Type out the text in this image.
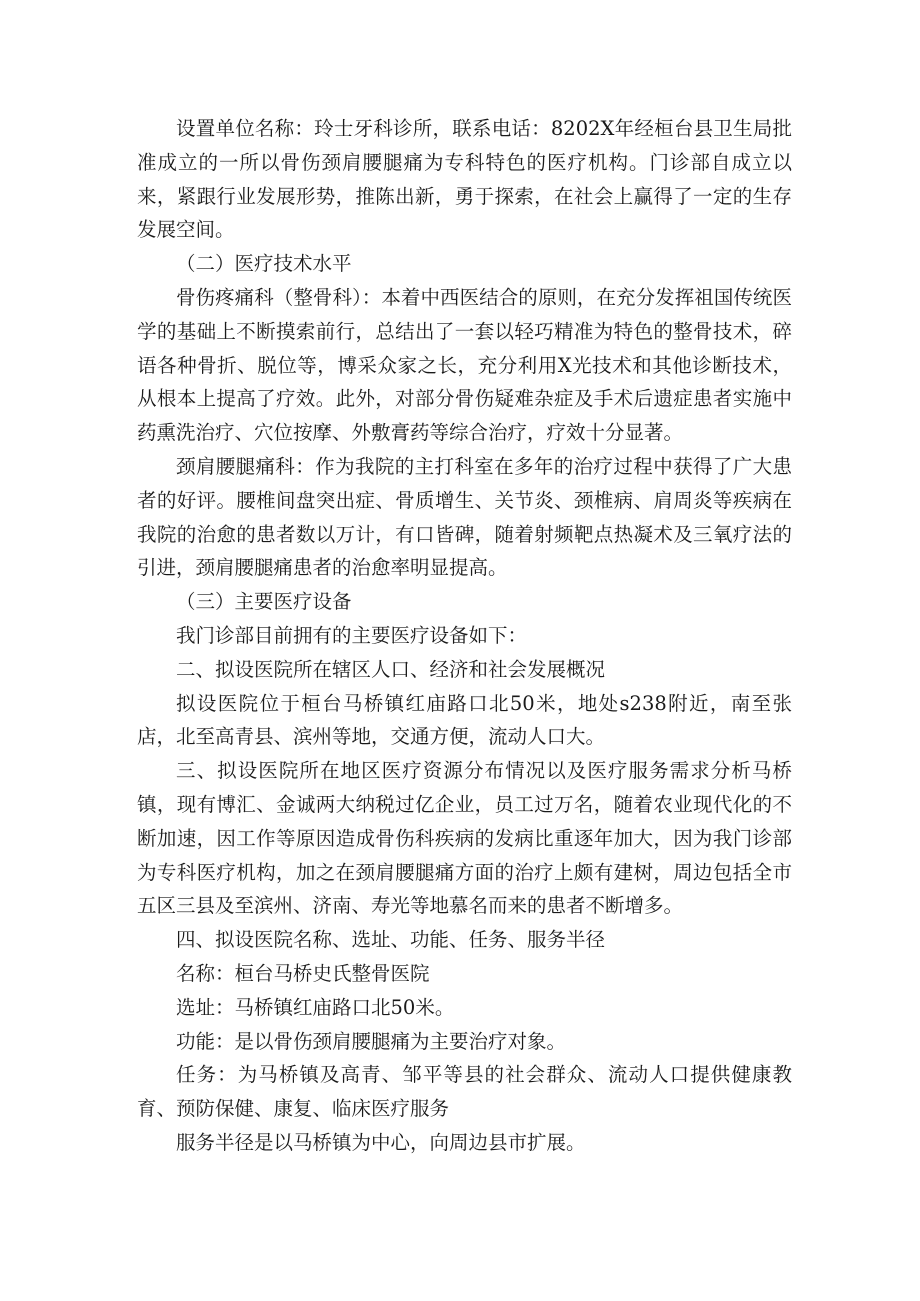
设置单位名称：玲士牙科诊所，联系电话：8202X年经桓台县卫生局批准成立的一所以骨伤颈肩腰腿痛为专科特色的医疗机构。门诊部自成立以来，紧跟行业发展形势，推陈出新，勇于探索，在社会上赢得了一定的生存发展空间。

（二）医疗技术水平

骨伤疼痛科（整骨科）：本着中西医结合的原则，在充分发挥祖国传统医学的基础上不断摸索前行，总结出了一套以轻巧精准为特色的整骨技术，碎语各种骨折、脱位等，博采众家之长，充分利用X光技术和其他诊断技术，从根本上提高了疗效。此外，对部分骨伤疑难杂症及手术后遗症患者实施中药熏洗治疗、穴位按摩、外敷膏药等综合治疗，疗效十分显著。

颈肩腰腿痛科：作为我院的主打科室在多年的治疗过程中获得了广大患者的好评。腰椎间盘突出症、骨质增生、关节炎、颈椎病、肩周炎等疾病在我院的治愈的患者数以万计，有口皆碑，随着射频靶点热凝术及三氧疗法的引进，颈肩腰腿痛患者的治愈率明显提高。

（三）主要医疗设备

我门诊部目前拥有的主要医疗设备如下：

二、拟设医院所在辖区人口、经济和社会发展概况

拟设医院位于桓台马桥镇红庙路口北50米，地处s238附近，南至张店，北至高青县、滨州等地，交通方便，流动人口大。

三、拟设医院所在地区医疗资源分布情况以及医疗服务需求分析马桥镇，现有博汇、金诚两大纳税过亿企业，员工过万名，随着农业现代化的不断加速，因工作等原因造成骨伤科疾病的发病比重逐年加大，因为我门诊部为专科医疗机构，加之在颈肩腰腿痛方面的治疗上颇有建树，周边包括全市五区三县及至滨州、济南、寿光等地慕名而来的患者不断增多。

四、拟设医院名称、选址、功能、任务、服务半径

名称：桓台马桥史氏整骨医院

选址：马桥镇红庙路口北50米。

功能：是以骨伤颈肩腰腿痛为主要治疗对象。

任务：为马桥镇及高青、邹平等县的社会群众、流动人口提供健康教育、预防保健、康复、临床医疗服务

服务半径是以马桥镇为中心，向周边县市扩展。
